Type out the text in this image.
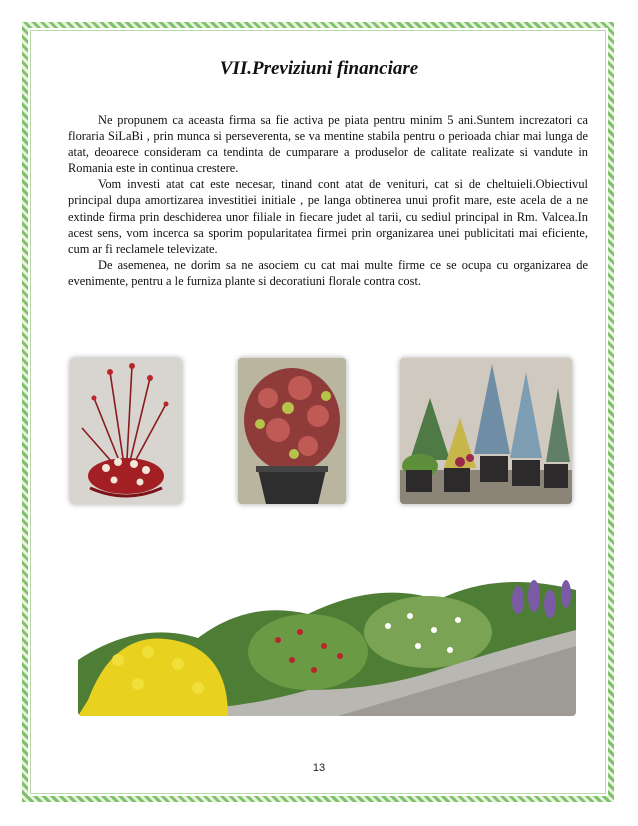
VII.Previziuni financiare

Ne propunem ca aceasta firma sa fie activa pe piata pentru minim 5 ani.Suntem increzatori ca floraria SiLaBi , prin munca si perseverenta, se va mentine stabila pentru o perioada chiar mai lunga de atat, deoarece consideram ca tendinta de cumparare a produselor de calitate realizate si vandute in Romania este in continua crestere.

Vom investi atat cat este necesar, tinand cont atat de venituri, cat si de cheltuieli.Obiectivul principal dupa amortizarea investitiei initiale , pe langa obtinerea unui profit mare, este acela de a ne extinde firma prin deschiderea unor filiale in fiecare judet al tarii, cu sediul principal in Rm. Valcea.In acest sens, vom incerca sa sporim popularitatea firmei prin organizarea unei publicitati mai eficiente, cum ar fi reclamele televizate.

De asemenea, ne dorim sa ne asociem cu cat mai multe firme ce se ocupa cu organizarea de evenimente, pentru a le furniza plante si decoratiuni florale contra cost.

13
